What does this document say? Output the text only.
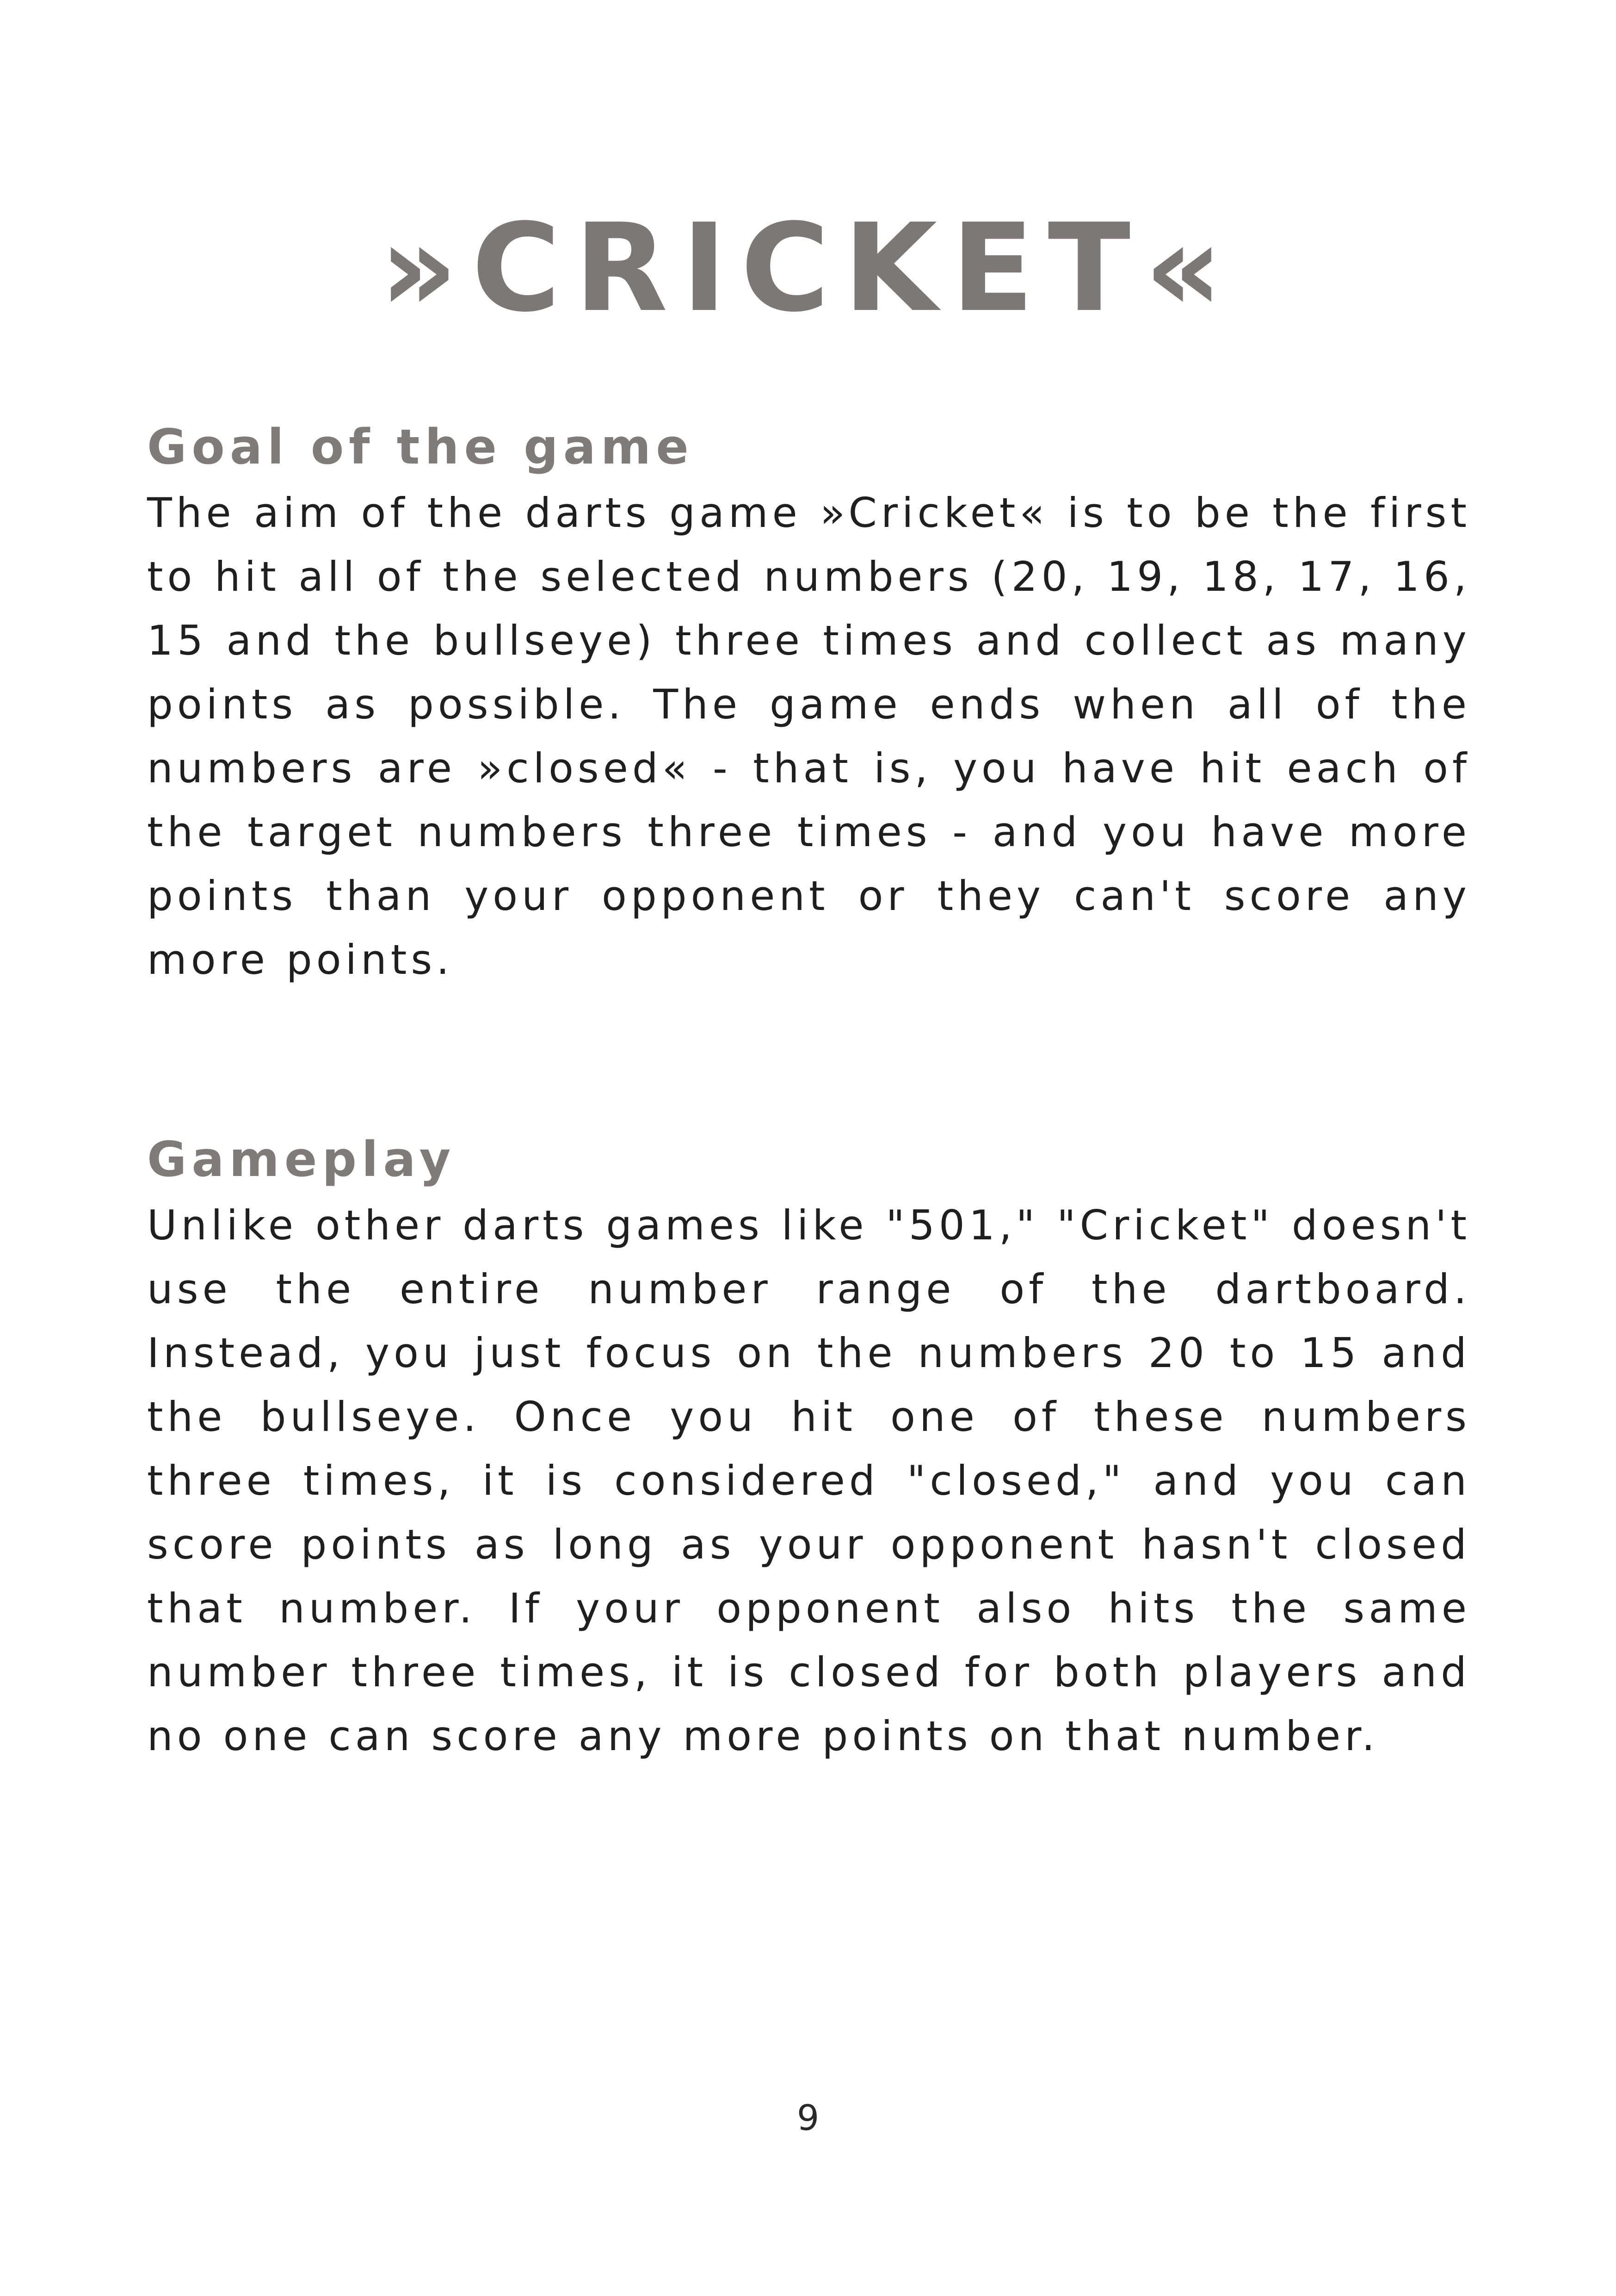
»CRICKET«
Goal of the game

The aim of the darts game »Cricket« is to be the first to hit all of the selected numbers (20, 19, 18, 17, 16, 15 and the bullseye) three times and collect as many points as possible. The game ends when all of the numbers are »closed« - that is, you have hit each of the target numbers three times - and you have more points than your opponent or they can't score any more points.

Gameplay

Unlike other darts games like "501," "Cricket" doesn't use the entire number range of the dartboard. Instead, you just focus on the numbers 20 to 15 and the bullseye. Once you hit one of these numbers three times, it is considered "closed," and you can score points as long as your opponent hasn't closed that number. If your opponent also hits the same number three times, it is closed for both players and no one can score any more points on that number.

9
